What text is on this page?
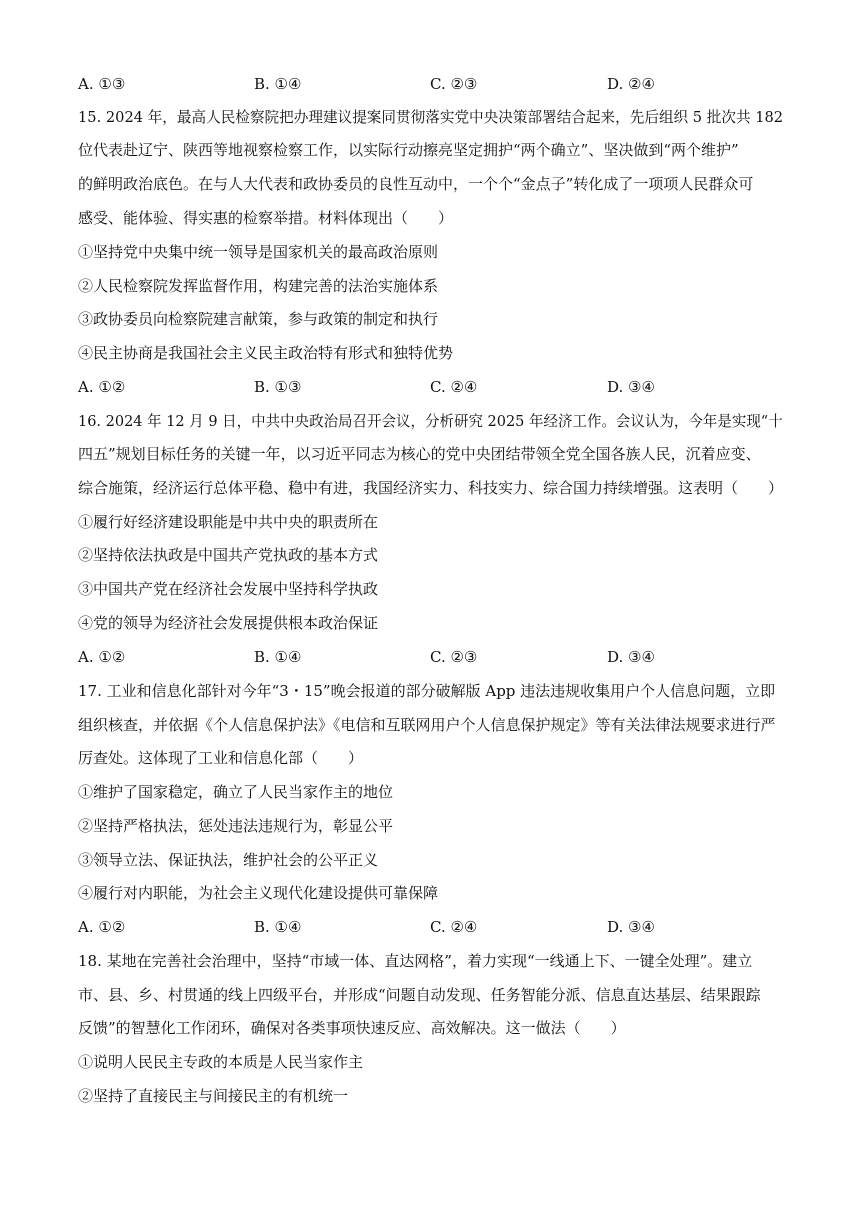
A. ①③	B. ①④	C. ②③	D. ②④
15. 2024 年，最高人民检察院把办理建议提案同贯彻落实党中央决策部署结合起来，先后组织 5 批次共 182
位代表赴辽宁、陕西等地视察检察工作，以实际行动擦亮坚定拥护“两个确立”、坚决做到“两个维护”
的鲜明政治底色。在与人大代表和政协委员的良性互动中，一个个“金点子”转化成了一项项人民群众可
感受、能体验、得实惠的检察举措。材料体现出（　　）
①坚持党中央集中统一领导是国家机关的最高政治原则
②人民检察院发挥监督作用，构建完善的法治实施体系
③政协委员向检察院建言献策，参与政策的制定和执行
④民主协商是我国社会主义民主政治特有形式和独特优势
A. ①②	B. ①③	C. ②④	D. ③④
16. 2024 年 12 月 9 日，中共中央政治局召开会议，分析研究 2025 年经济工作。会议认为，今年是实现“十
四五”规划目标任务的关键一年，以习近平同志为核心的党中央团结带领全党全国各族人民，沉着应变、
综合施策，经济运行总体平稳、稳中有进，我国经济实力、科技实力、综合国力持续增强。这表明（　　）
①履行好经济建设职能是中共中央的职责所在
②坚持依法执政是中国共产党执政的基本方式
③中国共产党在经济社会发展中坚持科学执政
④党的领导为经济社会发展提供根本政治保证
A. ①②	B. ①④	C. ②③	D. ③④
17. 工业和信息化部针对今年“3・15”晚会报道的部分破解版 App 违法违规收集用户个人信息问题，立即
组织核查，并依据《个人信息保护法》《电信和互联网用户个人信息保护规定》等有关法律法规要求进行严
厉查处。这体现了工业和信息化部（　　）
①维护了国家稳定，确立了人民当家作主的地位
②坚持严格执法，惩处违法违规行为，彰显公平
③领导立法、保证执法，维护社会的公平正义
④履行对内职能，为社会主义现代化建设提供可靠保障
A. ①②	B. ①④	C. ②④	D. ③④
18. 某地在完善社会治理中，坚持“市域一体、直达网格”，着力实现“一线通上下、一键全处理”。建立
市、县、乡、村贯通的线上四级平台，并形成“问题自动发现、任务智能分派、信息直达基层、结果跟踪
反馈”的智慧化工作闭环，确保对各类事项快速反应、高效解决。这一做法（　　）
①说明人民民主专政的本质是人民当家作主
②坚持了直接民主与间接民主的有机统一
